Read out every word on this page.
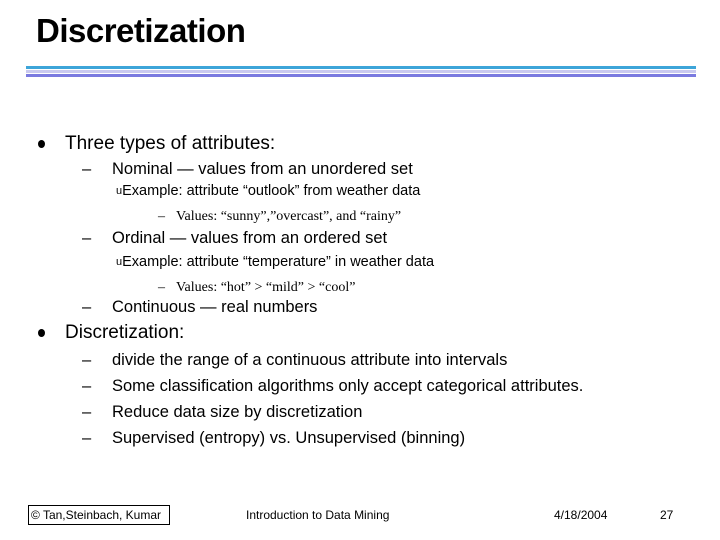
Discretization
Three types of attributes:
– Nominal — values from an unordered set
uExample: attribute “outlook” from weather data
– Values: “sunny”,”overcast”, and “rainy”
– Ordinal — values from an ordered set
uExample: attribute “temperature” in weather data
– Values: “hot” > “mild” > “cool”
– Continuous — real numbers
Discretization:
– divide the range of a continuous attribute into intervals
– Some classification algorithms only accept categorical attributes.
– Reduce data size by discretization
– Supervised (entropy) vs. Unsupervised (binning)
© Tan,Steinbach, Kumar	Introduction to Data Mining	4/18/2004	27
